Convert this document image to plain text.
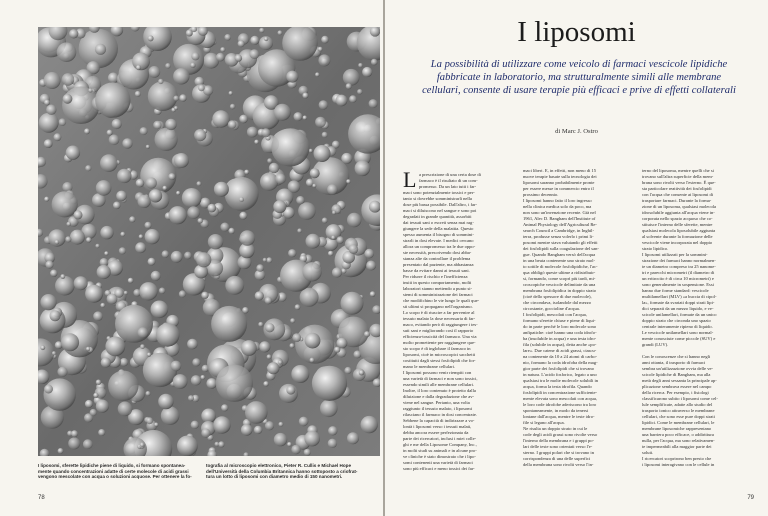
I liposomi, sferette lipidiche piene di liquido, si formano spontanea-
mente quando concentrazioni adatte di certe molecole di acidi grassi
vengono mescolate con acqua o soluzioni acquose. Per ottenere la fo-
tografia al microscopio elettronico, Pieter R. Cullis e Michael Hope
dell'Università della Columbia Britannica hanno sottoposto a criofrat-
tura un lotto di liposomi con diametro medio di 150 nanometri.
78
I liposomi
La possibilità di utilizzare come veicolo di farmaci vescicole lipidiche
fabbricate in laboratorio, ma strutturalmente simili alle membrane
cellulari, consente di usare terapie più efficaci e prive di effetti collaterali
di Marc J. Ostro
L a prescrizione di una certa dose di
farmaco è il risultato di un com-
promesso. Da un lato tutti i far-
maci sono potenzialmente tossici e per-
tanto si dovrebbe somministrarli nella
dose più bassa possibile. Dall'altro, i far-
maci si diluiscono nel sangue e sono poi
degradati in grande quantità, assorbiti
dai tessuti sani o escreti senza mai rag-
giungere la sede della malattia. Questo
spesso aumenta il bisogno di sommini-
strarli in dosi elevate. I medici cercano
allora un compromesso tra le due oppo-
ste necessità, prescrivendo dosi abba-
stanza alte da controllare il problema
presentato dal paziente, ma abbastanza
basse da evitare danni ai tessuti sani.
Per ridurre il rischio e l'inefficienza
insiti in questo comportamento, molti
laboratori stanno mettendo a punto si-
stemi di somministrazione dei farmaci
che modifichino le vie lungo le quali que-
sti ultimi si propagano nell'organismo.
Lo scopo è di riuscire a far pervenire al
tessuto malato la dose necessaria di far-
maco, evitando però di raggiungere i tes-
suti sani e migliorando così il rapporto
efficienza-tossicità del farmaco. Una via
molto promettente per raggiungere que-
sto scopo è di inglobare il farmaco in
liposomi, cioè in microscopici sacchetti
costituiti dagli stessi fosfolipidi che for-
mano le membrane cellulari.
I liposomi possono venir riempiti con
una varietà di farmaci e non sono tossici,
essendo simili alle membrane cellulari.
Inoltre, il loro contenuto è protetto dalla
diluizione e dalla degradazione che av-
viene nel sangue. Pertanto, una volta
raggiunto il tessuto malato, i liposomi
rilasciano il farmaco in dosi concentrate.
Sebbene la capacità di indirizzare a vo-
lontà i liposomi verso i tessuti malati,
debba ancora essere perfezionata da
parte dei ricercatori, inclusi i miei colle-
ghi e me della Liposome Company, Inc.,
in molti studi su animali e in alcune pro-
ve cliniche è stato dimostrato che i lipo-
somi contenenti una varietà di farmaci
sono più efficaci e meno tossici dei far-
maci liberi. E, in effetti, non meno di 15
nuove terapie basate sulla tecnologia dei
liposomi saranno probabilmente pronte
per essere messe in commercio entro il
prossimo decennio.
I liposomi hanno fatto il loro ingresso
nella clinica medica solo da poco, ma
non sono un'invenzione recente. Già nel
1961, Alec D. Bangham dell'Institute of
Animal Physiology dell'Agricultural Re-
search Council a Cambridge, in Inghil-
terra, produsse senza volerlo i primi li-
posomi mentre stava valutando gli effetti
dei fosfolipidi sulla coagulazione del san-
gue. Quando Bangham versò dell'acqua
in una beuta contenente uno strato mol-
to sottile di molecole fosfolipidiche, l'ac-
qua obbligò queste ultime a ridistribuir-
si, formando, come scoprì più tardi, mi-
croscopiche vescicole delimitate da una
membrana fosfolipidica in doppio strato
(cioè dello spessore di due molecole),
che circondava, isolandole dal mezzo
circostante, goccioline d'acqua.
I fosfolipidi, mescolati con l'acqua,
formano sferette chiuse e piene di liqui-
do in parte perché le loro molecole sono
anfipatiche: cioè hanno una coda idrofo-
ba (insolubile in acqua) e una testa idro-
fila (solubile in acqua), detta anche «po-
lare». Due catene di acidi grassi, ciascu-
na contenente da 10 a 24 atomi di carbo-
nio, formano la coda idrofoba della mag-
gior parte dei fosfolipidi che si trovano
in natura. L'acido fosforico, legato a uno
qualsiasi tra le molte molecole solubili in
acqua, forma la testa idrofila. Quando
fosfolipidi in concentrazione sufficiente-
mente elevata sono mescolati con acqua,
le loro code idrofobe aderiscono tra loro
spontaneamente, in modo da tenersi
lontane dall'acqua, mentre le teste idro-
file si legano all'acqua.
Ne risulta un doppio strato in cui le
code degli acidi grassi sono rivolte verso
l'interno della membrana e i gruppi po-
lari delle teste sono orientati verso l'e-
sterno. I gruppi polari che si trovano in
corrispondenza di una delle superfici
della membrana sono rivolti verso l'in-
terno del liposoma, mentre quelli che si
trovano sull'altra superficie della mem-
brana sono rivolti verso l'esterno. È que-
sta particolare reattività dei fosfolipidi
con l'acqua che consente ai liposomi di
trasportare farmaci. Durante la forma-
zione di un liposoma, qualsiasi molecola
idrosolubile aggiunta all'acqua viene in-
corporata nello spazio acquoso che co-
stituisce l'interno delle sferette, mentre
qualsiasi molecola liposolubile aggiunta
al solvente durante la formazione delle
vescicole viene incorporata nel doppio
strato lipidico.
I liposomi utilizzati per la sommini-
strazione dei farmaci hanno normalmen-
te un diametro compreso tra 25 nanome-
tri e parecchi micrometri (il diametro di
un eritrocito è di circa 10 micrometri) e
sono generalmente in sospensione. Essi
hanno due forme standard: vescicole
multilamellari (MLV) «a buccia di cipol-
la», formate da svariati doppi strati lipi-
dici separati da un mezzo liquido, e ve-
scicole unilamellari, formate da un unico
doppio strato che circonda uno spazio
centrale interamente ripieno di liquido.
Le vescicole unilamellari sono normal-
mente conosciute come piccole (SUV) e
grandi (LUV).

Con le conoscenze che si hanno negli
anni ottanta, il trasporto di farmaci
sembra un'utilizzazione ovvia delle ve-
scicole lipidiche di Bangham, ma alla
metà degli anni sessanta la principale ap-
plicazione sembrava essere nel campo
della ricerca. Per esempio, i fisiologi
classificarono subito i liposomi come cel-
lule semplificate, adatte allo studio del
trasporto ionico attraverso le membrane
cellulari, che sono esse pure doppi strati
lipidici. Come le membrane cellulari, le
membrane liposomiche rappresentano
una barriera poco efficace, o addirittura
nulla, per l'acqua, ma sono relativamen-
te impermeabili alla maggior parte dei
soluti.
I ricercatori scoprirono ben presto che
i liposomi interagivano con le cellule in
79
